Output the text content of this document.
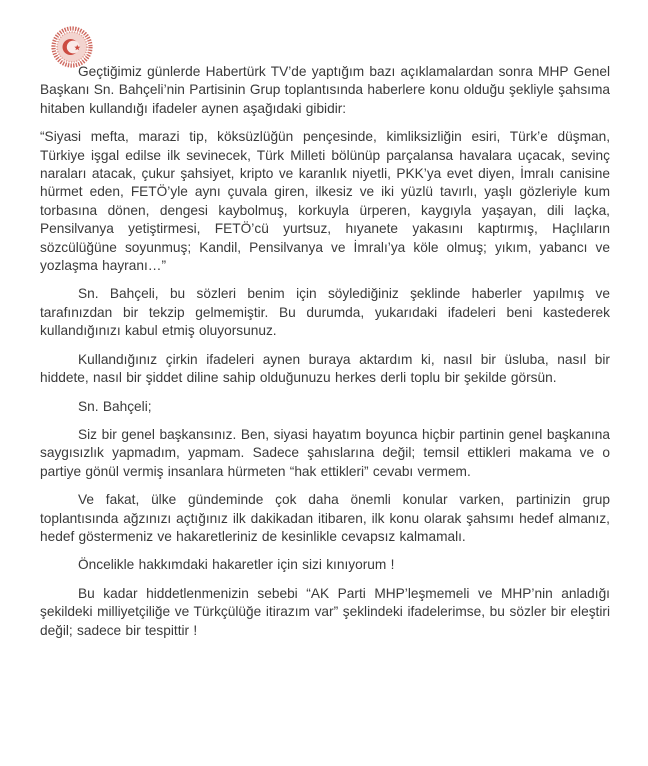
Geçtiğimiz günlerde Habertürk TV’de yaptığım bazı açıklamalardan sonra MHP Genel Başkanı Sn. Bahçeli’nin Partisinin Grup toplantısında haberlere konu olduğu şekliyle şahsıma hitaben kullandığı ifadeler aynen aşağıdaki gibidir:

“Siyasi mefta, marazi tip, köksüzlüğün pençesinde, kimliksizliğin esiri, Türk’e düşman, Türkiye işgal edilse ilk sevinecek, Türk Milleti bölünüp parçalansa havalara uçacak, sevinç naraları atacak, çukur şahsiyet, kripto ve karanlık niyetli, PKK’ya evet diyen, İmralı canisine hürmet eden, FETÖ’yle aynı çuvala giren, ilkesiz ve iki yüzlü tavırlı, yaşlı gözleriyle kum torbasına dönen, dengesi kaybolmuş, korkuyla ürperen, kaygıyla yaşayan, dili laçka, Pensilvanya yetiştirmesi, FETÖ’cü yurtsuz, hıyanete yakasını kaptırmış, Haçlıların sözcülüğüne soyunmuş; Kandil, Pensilvanya ve İmralı’ya köle olmuş; yıkım, yabancı ve yozlaşma hayranı…”

Sn. Bahçeli, bu sözleri benim için söylediğiniz şeklinde haberler yapılmış ve tarafınızdan bir tekzip gelmemiştir. Bu durumda, yukarıdaki ifadeleri beni kastederek kullandığınızı kabul etmiş oluyorsunuz.

Kullandığınız çirkin ifadeleri aynen buraya aktardım ki, nasıl bir üsluba, nasıl bir hiddete, nasıl bir şiddet diline sahip olduğunuzu herkes derli toplu bir şekilde görsün.

Sn. Bahçeli;

Siz bir genel başkansınız. Ben, siyasi hayatım boyunca hiçbir partinin genel başkanına saygısızlık yapmadım, yapmam. Sadece şahıslarına değil; temsil ettikleri makama ve o partiye gönül vermiş insanlara hürmeten “hak ettikleri” cevabı vermem.

Ve fakat, ülke gündeminde çok daha önemli konular varken, partinizin grup toplantısında ağzınızı açtığınız ilk dakikadan itibaren, ilk konu olarak şahsımı hedef almanız, hedef göstermeniz ve hakaretleriniz de kesinlikle cevapsız kalmamalı.

Öncelikle hakkımdaki hakaretler için sizi kınıyorum !

Bu kadar hiddetlenmenizin sebebi “AK Parti MHP’leşmemeli ve MHP’nin anladığı şekildeki milliyetçiliğe ve Türkçülüğe itirazım var” şeklindeki ifadelerimse, bu sözler bir eleştiri değil; sadece bir tespittir !
